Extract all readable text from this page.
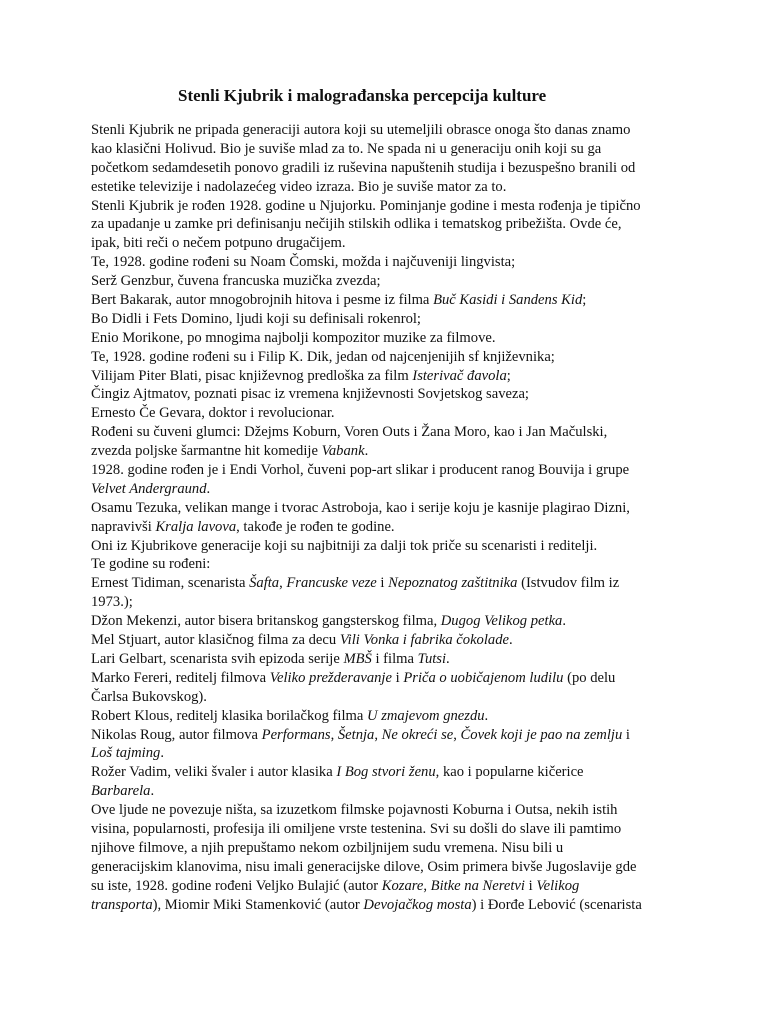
Stenli Kjubrik i malograđanska percepcija kulture
Stenli Kjubrik ne pripada generaciji autora koji su utemeljili obrasce onoga što danas znamo
kao klasični Holivud. Bio je suviše mlad za to. Ne spada ni u generaciju onih koji su ga
početkom sedamdesetih ponovo gradili iz ruševina napuštenih studija i bezuspešno branili od
estetike televizije i nadolazećeg video izraza. Bio je suviše mator za to.
Stenli Kjubrik je rođen 1928. godine u Njujorku. Pominjanje godine i mesta rođenja je tipično
za upadanje u zamke pri definisanju nečijih stilskih odlika i tematskog pribežišta. Ovde će,
ipak, biti reči o nečem potpuno drugačijem.
Te, 1928. godine rođeni su Noam Čomski, možda i najčuveniji lingvista;
Serž Genzbur, čuvena francuska muzička zvezda;
Bert Bakarak, autor mnogobrojnih hitova i pesme iz filma Buč Kasidi i Sandens Kid;
Bo Didli i Fets Domino, ljudi koji su definisali rokenrol;
Enio Morikone, po mnogima najbolji kompozitor muzike za filmove.
Te, 1928. godine rođeni su i Filip K. Dik, jedan od najcenjenijih sf književnika;
Vilijam Piter Blati, pisac književnog predloška za film Isterivač đavola;
Čingiz Ajtmatov, poznati pisac iz vremena književnosti Sovjetskog saveza;
Ernesto Če Gevara, doktor i revolucionar.
Rođeni su čuveni glumci: Džejms Koburn, Voren Outs i Žana Moro, kao i Jan Mačulski,
zvezda poljske šarmantne hit komedije Vabank.
1928. godine rođen je i Endi Vorhol, čuveni pop-art slikar i producent ranog Bouvija i grupe
Velvet Andergraund.
Osamu Tezuka, velikan mange i tvorac Astroboja, kao i serije koju je kasnije plagirao Dizni,
napravivši Kralja lavova, takođe je rođen te godine.
Oni iz Kjubrikove generacije koji su najbitniji za dalji tok priče su scenaristi i reditelji.
Te godine su rođeni:
Ernest Tidiman, scenarista Šafta, Francuske veze i Nepoznatog zaštitnika (Istvudov film iz
1973.);
Džon Mekenzi, autor bisera britanskog gangsterskog filma, Dugog Velikog petka.
Mel Stjuart, autor klasičnog filma za decu Vili Vonka i fabrika čokolade.
Lari Gelbart, scenarista svih epizoda serije MBŠ i filma Tutsi.
Marko Fereri, reditelj filmova Veliko prežderavanje i Priča o uobičajenom ludilu (po delu
Čarlsa Bukovskog).
Robert Klous, reditelj klasika borilačkog filma U zmajevom gnezdu.
Nikolas Roug, autor filmova Performans, Šetnja, Ne okreći se, Čovek koji je pao na zemlju i
Loš tajming.
Rožer Vadim, veliki švaler i autor klasika I Bog stvori ženu, kao i popularne kičerice
Barbarela.
Ove ljude ne povezuje ništa, sa izuzetkom filmske pojavnosti Koburna i Outsa, nekih istih
visina, popularnosti, profesija ili omiljene vrste testenina. Svi su došli do slave ili pamtimo
njihove filmove, a njih prepuštamo nekom ozbiljnijem sudu vremena. Nisu bili u
generacijskim klanovima, nisu imali generacijske dilove, Osim primera bivše Jugoslavije gde
su iste, 1928. godine rođeni Veljko Bulajić (autor Kozare, Bitke na Neretvi i Velikog
transporta), Miomir Miki Stamenković (autor Devojačkog mosta) i Đorđe Lebović (scenarista
